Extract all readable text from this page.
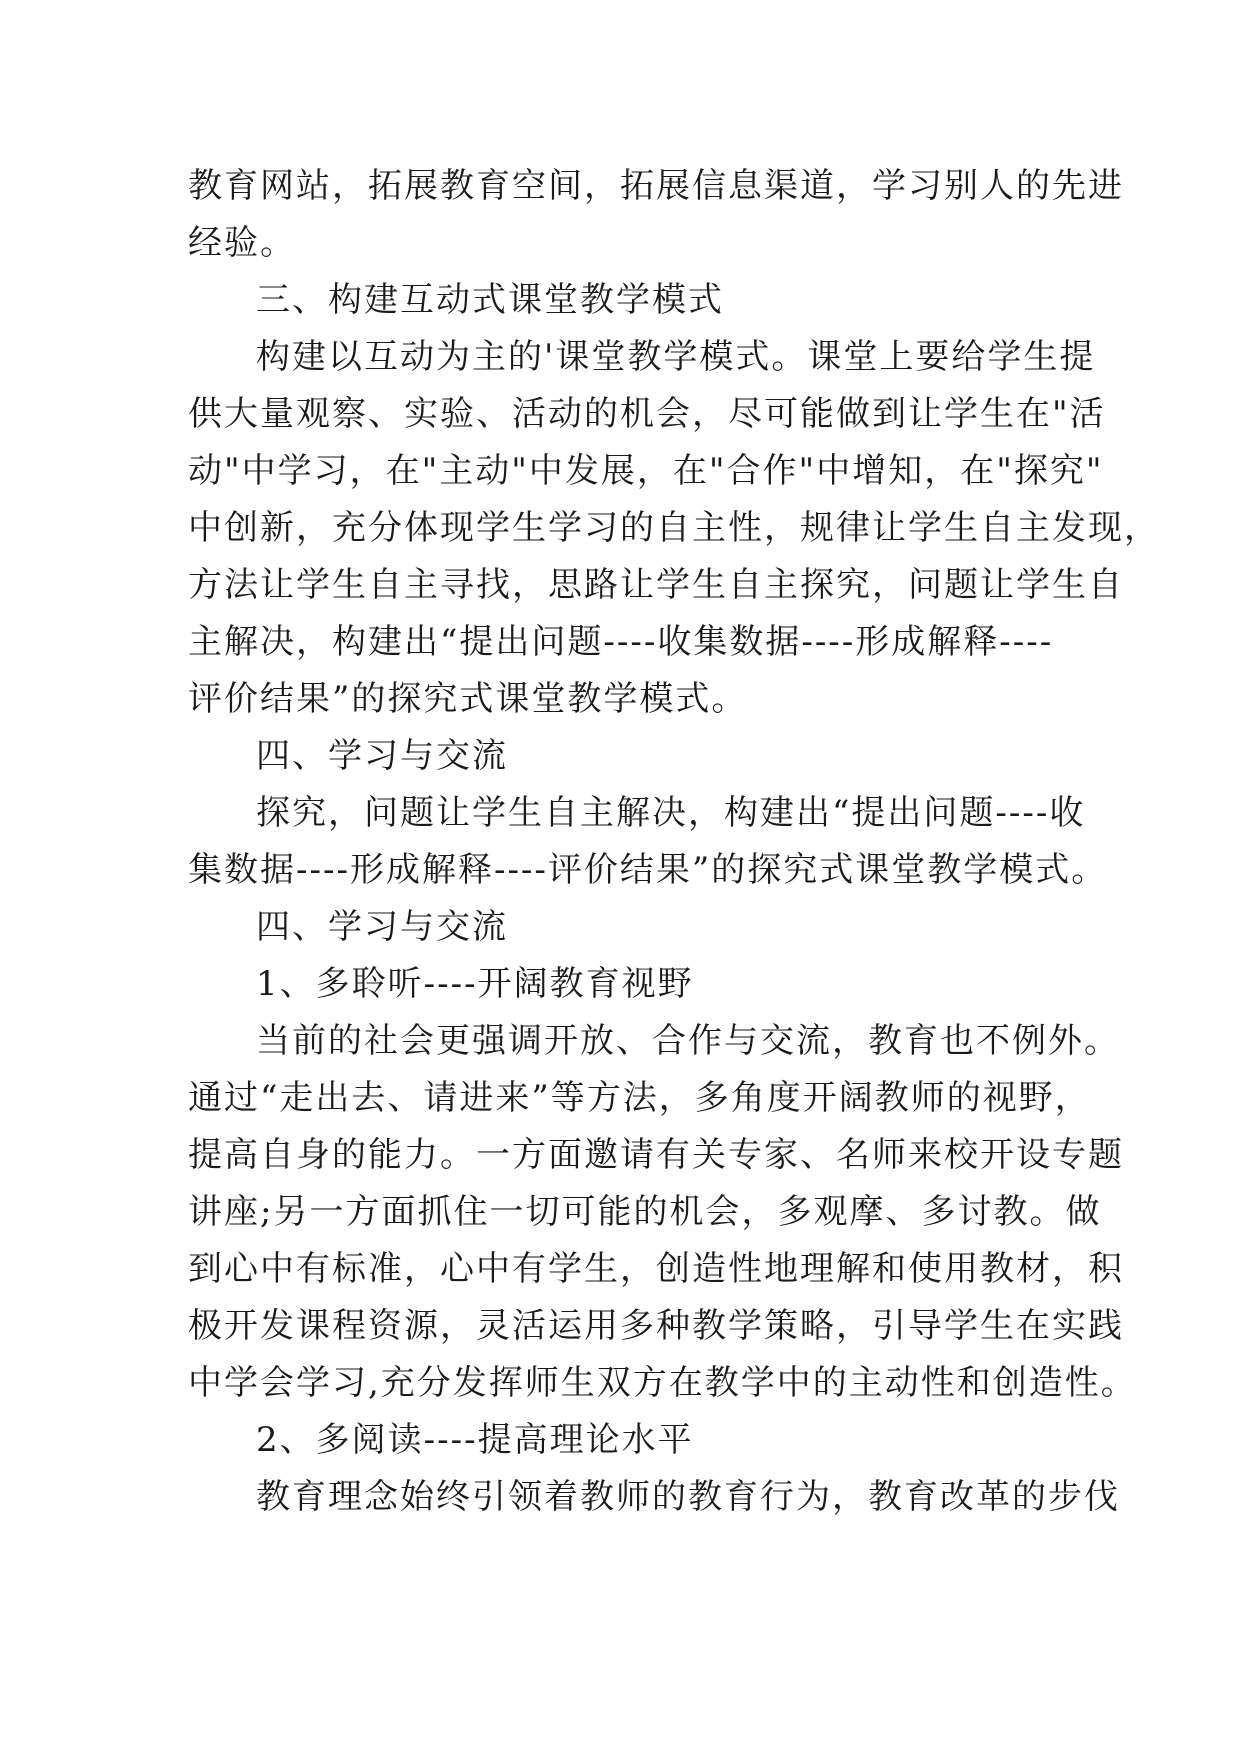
教育网站，拓展教育空间，拓展信息渠道，学习别人的先进
经验。
三、构建互动式课堂教学模式
构建以互动为主的'课堂教学模式。课堂上要给学生提
供大量观察、实验、活动的机会，尽可能做到让学生在"活
动"中学习，在"主动"中发展，在"合作"中增知，在"探究"
中创新，充分体现学生学习的自主性，规律让学生自主发现，
方法让学生自主寻找，思路让学生自主探究，问题让学生自
主解决，构建出“提出问题----收集数据----形成解释----
评价结果”的探究式课堂教学模式。
四、学习与交流
探究，问题让学生自主解决，构建出“提出问题----收
集数据----形成解释----评价结果”的探究式课堂教学模式。
四、学习与交流
1、多聆听----开阔教育视野
当前的社会更强调开放、合作与交流，教育也不例外。
通过“走出去、请进来”等方法，多角度开阔教师的视野，
提高自身的能力。一方面邀请有关专家、名师来校开设专题
讲座;另一方面抓住一切可能的机会，多观摩、多讨教。做
到心中有标准，心中有学生，创造性地理解和使用教材，积
极开发课程资源，灵活运用多种教学策略，引导学生在实践
中学会学习,充分发挥师生双方在教学中的主动性和创造性。
2、多阅读----提高理论水平
教育理念始终引领着教师的教育行为，教育改革的步伐
